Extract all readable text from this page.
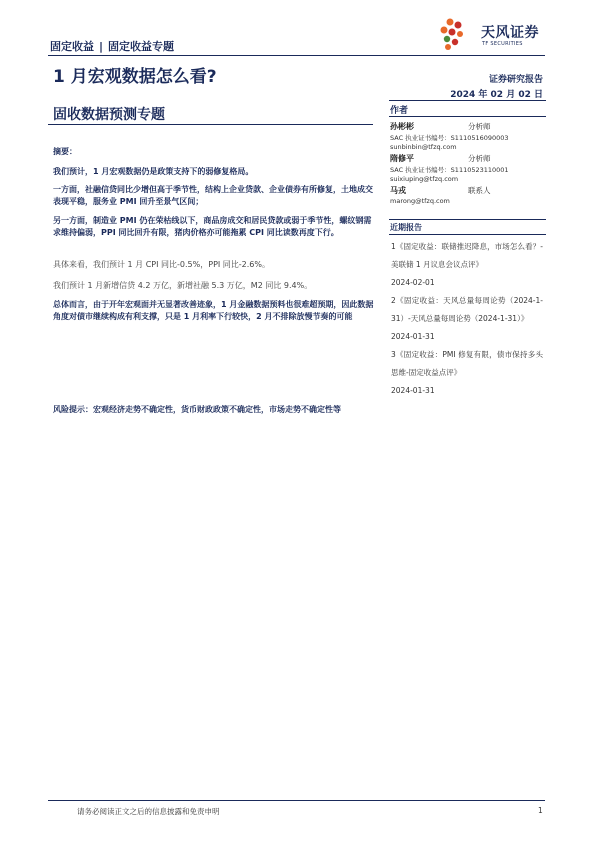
固定收益 | 固定收益专题
天风证券
TF SECURITIES
1 月宏观数据怎么看?	证券研究报告
2024 年 02 月 02 日
固收数据预测专题	作者
孙彬彬	分析师
SAC 执业证书编号：S1110516090003
sunbinbin@tfzq.com
隋修平	分析师
SAC 执业证书编号：S1110523110001
suixiuping@tfzq.com
马戎	联系人
marong@tfzq.com
近期报告
1《固定收益：联储推迟降息，市场怎么看？-美联储 1 月议息会议点评》
2024-02-01
2《固定收益：天风总量每周论势（2024-1-31）-天风总量每周论势（2024-1-31）》
2024-01-31
3《固定收益：PMI 修复有限，债市保持多头思维-固定收益点评》
2024-01-31
摘要：
我们预计，1 月宏观数据仍是政策支持下的弱修复格局。
一方面，社融信贷同比少增但高于季节性，结构上企业贷款、企业债券有所修复，土地成交表现平稳，服务业 PMI 回升至景气区间；
另一方面，制造业 PMI 仍在荣枯线以下，商品房成交和居民贷款或弱于季节性，螺纹钢需求维持偏弱，PPI 同比回升有限，猪肉价格亦可能拖累 CPI 同比读数再度下行。
具体来看，我们预计 1 月 CPI 同比-0.5%，PPI 同比-2.6%。
我们预计 1 月新增信贷 4.2 万亿，新增社融 5.3 万亿，M2 同比 9.4%。
总体而言，由于开年宏观面并无显著改善迹象，1 月金融数据预料也很难超预期，因此数据角度对债市继续构成有利支撑，只是 1 月利率下行较快，2 月不排除放慢节奏的可能
风险提示：宏观经济走势不确定性，货币财政政策不确定性，市场走势不确定性等
请务必阅读正文之后的信息披露和免责申明	1
